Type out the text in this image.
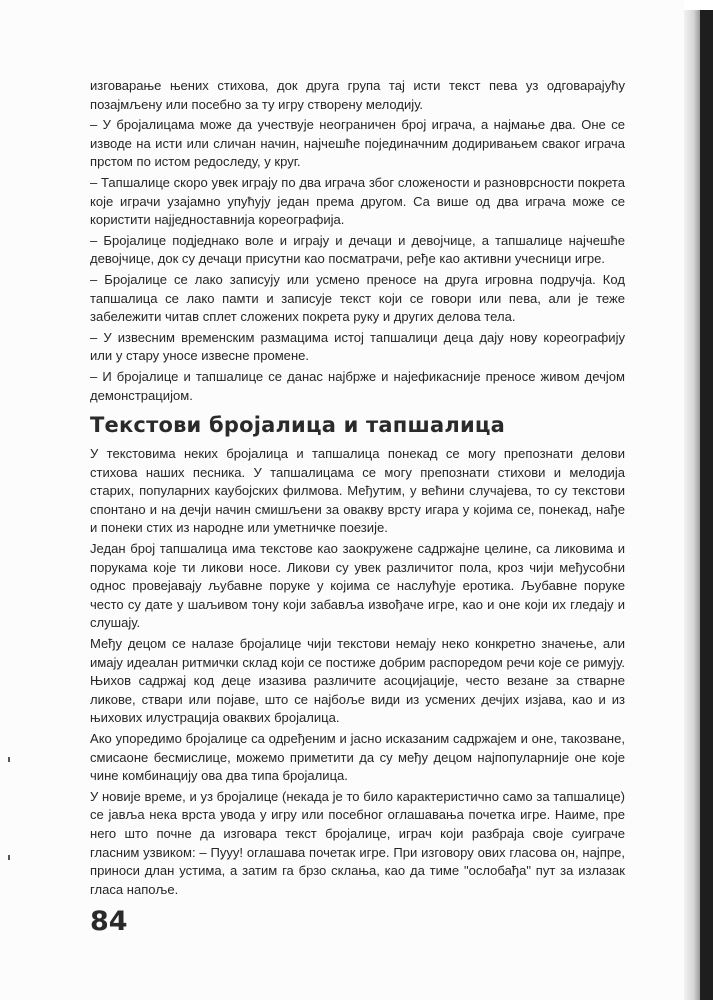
изговарање њених стихова, док друга група тај исти текст пева уз одговарајућу позајмљену или посебно за ту игру створену мелодију.

– У бројалицама може да учествује неограничен број играча, а најмање два. Оне се изводе на исти или сличан начин, најчешће појединачним додиривањем сваког играча прстом по истом редоследу, у круг.

– Тапшалице скоро увек играју по два играча због сложености и разноврсности покрета које играчи узајамно упућују један према другом. Са више од два играча може се користити најједноставнија кореографија.

– Бројалице подједнако воле и играју и дечаци и девојчице, а тапшалице најчешће девојчице, док су дечаци присутни као посматрачи, ређе као активни учесници игре.

– Бројалице се лако записују или усмено преносе на друга игровна подручја. Код тапшалица се лако памти и записује текст који се говори или пева, али је теже забележити читав сплет сложених покрета руку и других делова тела.

– У извесним временским размацима истој тапшалици деца дају нову кореографију или у стару уносе извесне промене.

– И бројалице и тапшалице се данас најбрже и најефикасније преносе живом дечјом демонстрацијом.

Текстови бројалица и тапшалица

У текстовима неких бројалица и тапшалица понекад се могу препознати делови стихова наших песника. У тапшалицама се могу препознати стихови и мелодија старих, популарних каубојских филмова. Међутим, у већини случајева, то су текстови спонтано и на дечји начин смишљени за овакву врсту игара у којима се, понекад, нађе и понеки стих из народне или уметничке поезије.

Један број тапшалица има текстове као заокружене садржајне целине, са ликовима и порукама које ти ликови носе. Ликови су увек различитог пола, кроз чији међусобни однос провејавају љубавне поруке у којима се наслућује еротика. Љубавне поруке често су дате у шаљивом тону који забавља извођаче игре, као и оне који их гледају и слушају.

Међу децом се налазе бројалице чији текстови немају неко конкретно значење, али имају идеалан ритмички склад који се постиже добрим распоредом речи које се римују. Њихов садржај код деце изазива различите асоцијације, често везане за стварне ликове, ствари или појаве, што се најбоље види из усмених дечјих изјава, као и из њихових илустрација оваквих бројалица.

Ако упоредимо бројалице са одређеним и јасно исказаним садржајем и оне, такозване, смисаоне бесмислице, можемо приметити да су међу децом најпопуларније оне које чине комбинацију ова два типа бројалица.

У новије време, и уз бројалице (некада је то било карактеристично само за тапшалице) се јавља нека врста увода у игру или посебног оглашавања почетка игре. Наиме, пре него што почне да изговара текст бројалице, играч који разбраја своје суиграче гласним узвиком: – Пууу! оглашава почетак игре. При изговору ових гласова он, најпре, приноси длан устима, а затим га брзо склања, као да тиме "ослобађа" пут за излазак гласа напоље.

84
